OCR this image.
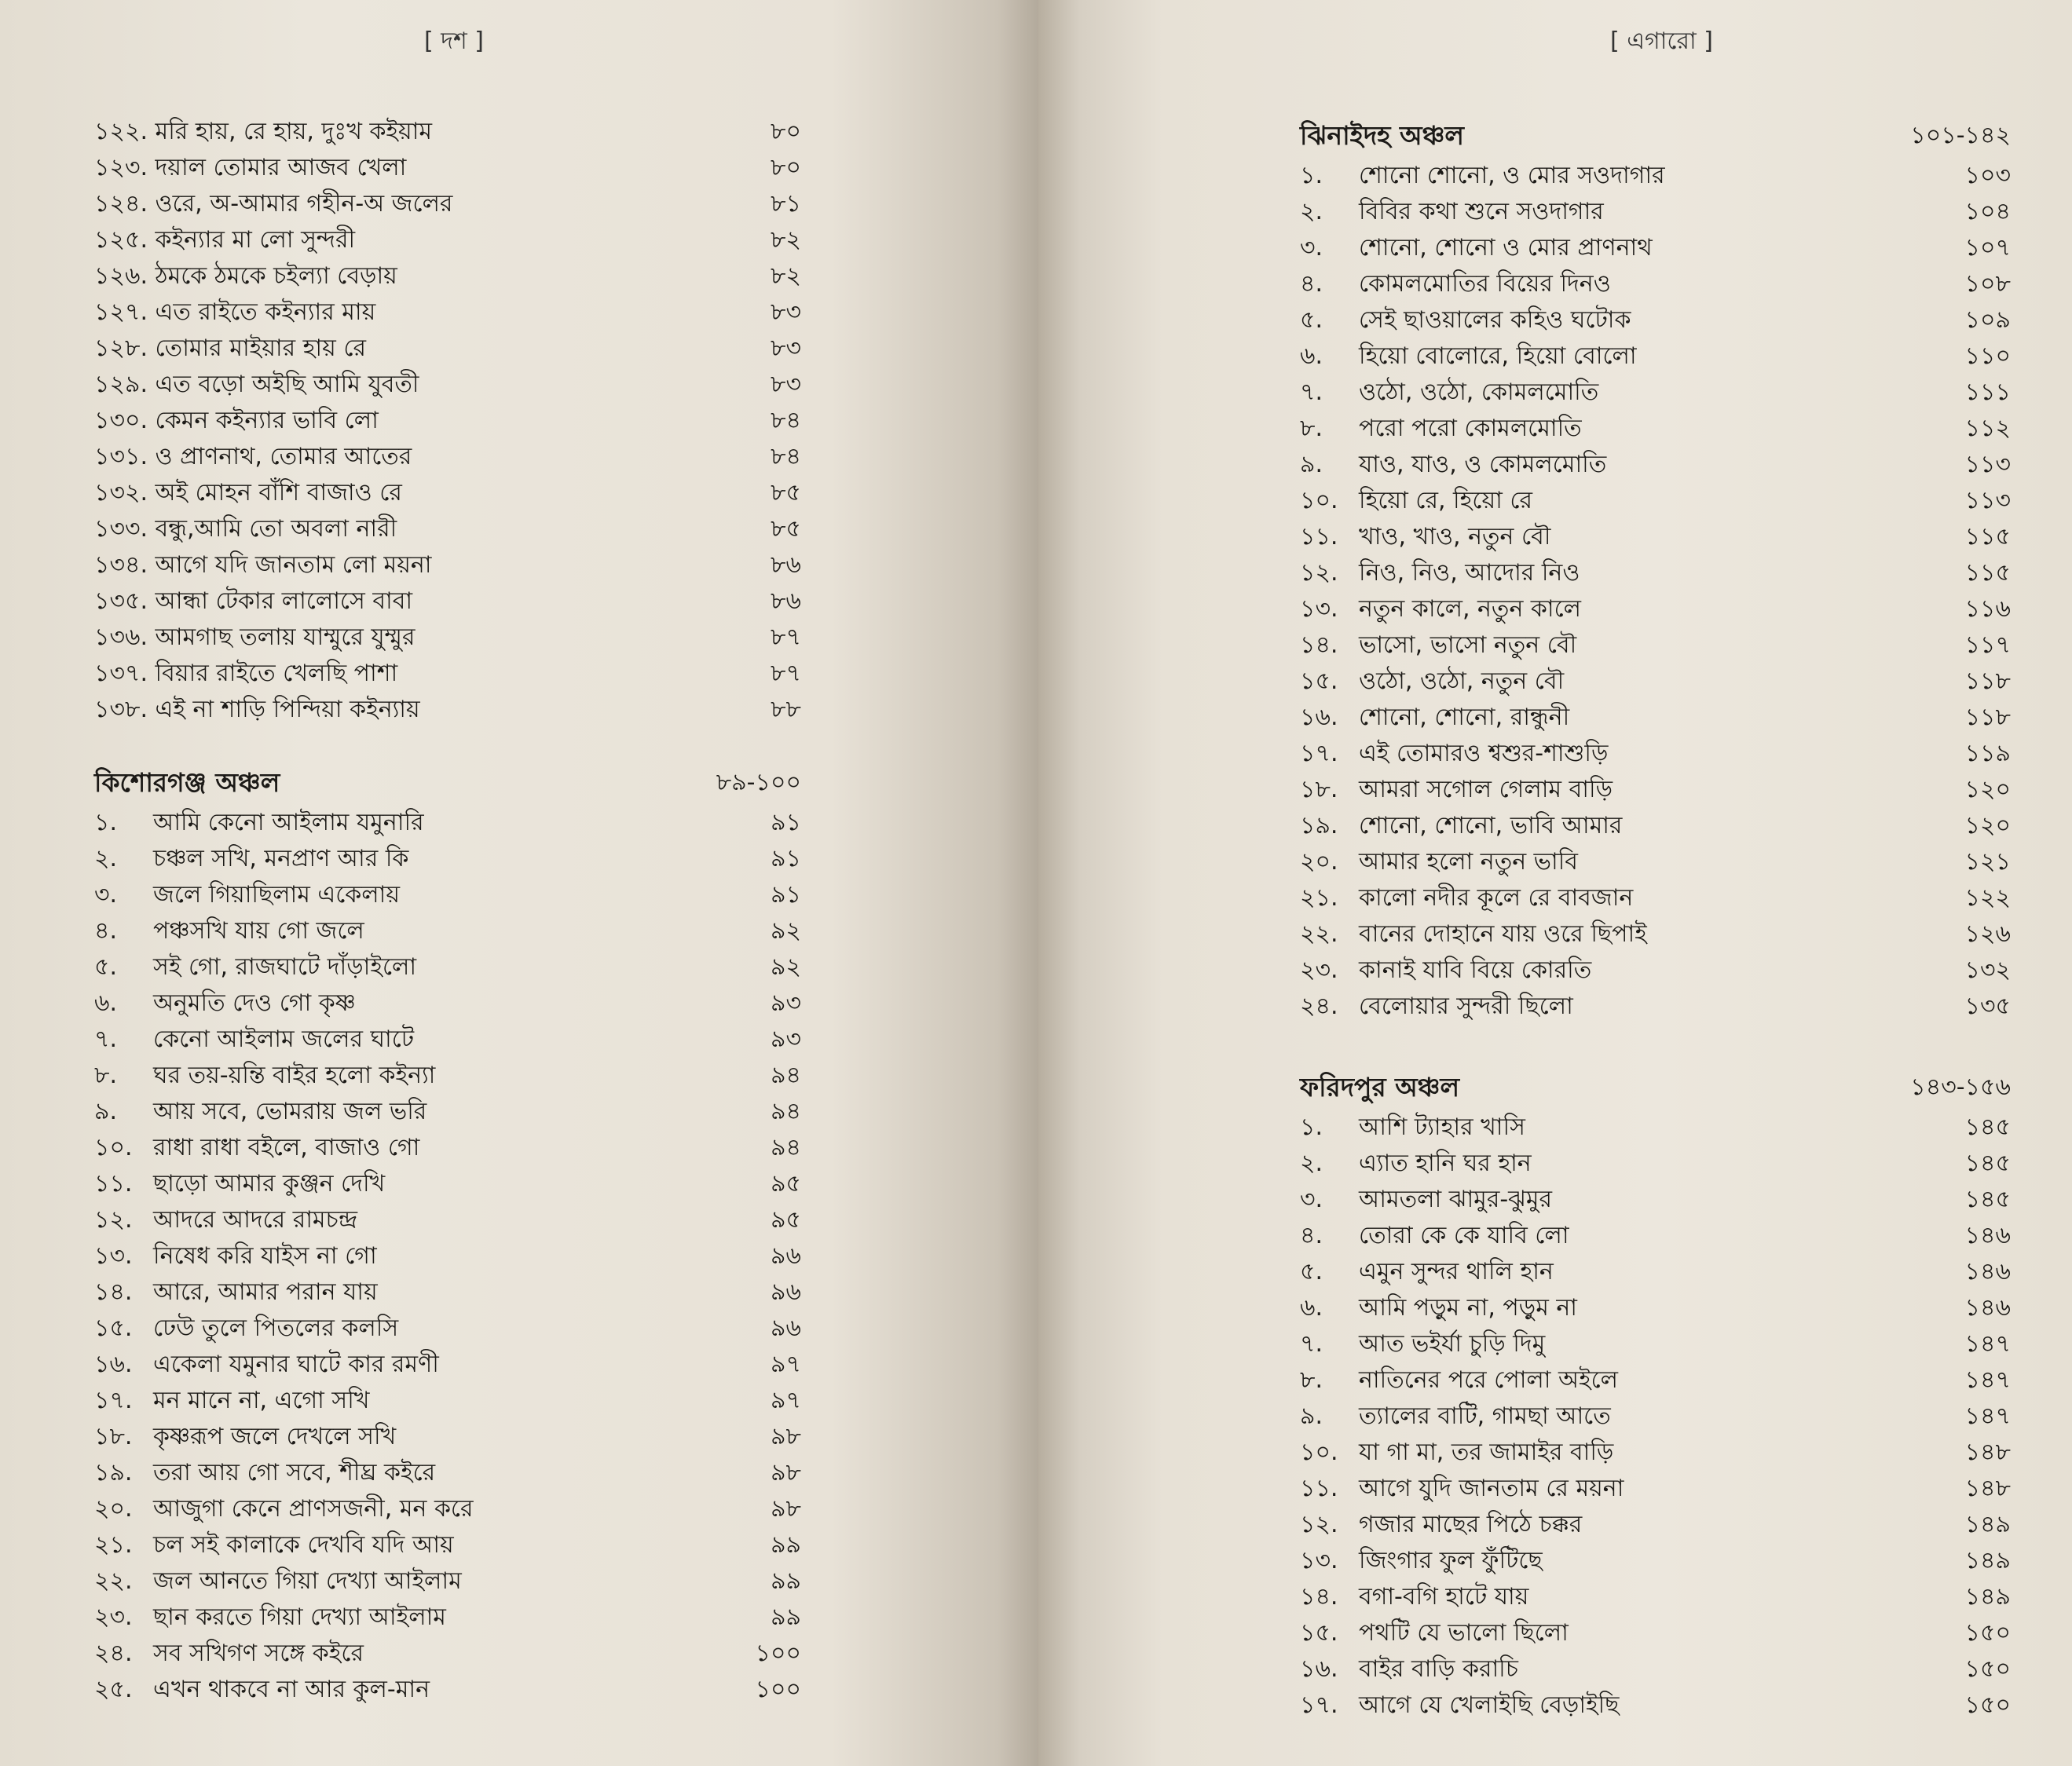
[ দশ ]
১২২. মরি হায়, রে হায়, দুঃখ কইয়াম	৮০
১২৩. দয়াল তোমার আজব খেলা	৮০
১২৪. ওরে, অ-আমার গহীন-অ জলের	৮১
১২৫. কইন্যার মা লো সুন্দরী	৮২
১২৬. ঠমকে ঠমকে চইল্যা বেড়ায়	৮২
১২৭. এত রাইতে কইন্যার মায়	৮৩
১২৮. তোমার মাইয়ার হায় রে	৮৩
১২৯. এত বড়ো অইছি আমি যুবতী	৮৩
১৩০. কেমন কইন্যার ভাবি লো	৮৪
১৩১. ও প্রাণনাথ, তোমার আতের	৮৪
১৩২. অই মোহন বাঁশি বাজাও রে	৮৫
১৩৩. বন্ধু,আমি তো অবলা নারী	৮৫
১৩৪. আগে যদি জানতাম লো ময়না	৮৬
১৩৫. আন্ধা টেকার লালোসে বাবা	৮৬
১৩৬. আমগাছ তলায় যাম্মুরে যুম্মুর	৮৭
১৩৭. বিয়ার রাইতে খেলছি পাশা	৮৭
১৩৮. এই না শাড়ি পিন্দিয়া কইন্যায়	৮৮
কিশোরগঞ্জ অঞ্চল	৮৯-১০০
১. আমি কেনো আইলাম যমুনারি	৯১
২. চঞ্চল সখি, মনপ্রাণ আর কি	৯১
৩. জলে গিয়াছিলাম একেলায়	৯১
৪. পঞ্চসখি যায় গো জলে	৯২
৫. সই গো, রাজঘাটে দাঁড়াইলো	৯২
৬. অনুমতি দেও গো কৃষ্ণ	৯৩
৭. কেনো আইলাম জলের ঘাটে	৯৩
৮. ঘর তয়-য়ন্তি বাইর হলো কইন্যা	৯৪
৯. আয় সবে, ভোমরায় জল ভরি	৯৪
১০. রাধা রাধা বইলে, বাজাও গো	৯৪
১১. ছাড়ো আমার কুঞ্জন দেখি	৯৫
১২. আদরে আদরে রামচন্দ্র	৯৫
১৩. নিষেধ করি যাইস না গো	৯৬
১৪. আরে, আমার পরান যায়	৯৬
১৫. ঢেউ তুলে পিতলের কলসি	৯৬
১৬. একেলা যমুনার ঘাটে কার রমণী	৯৭
১৭. মন মানে না, এগো সখি	৯৭
১৮. কৃষ্ণরূপ জলে দেখলে সখি	৯৮
১৯. তরা আয় গো সবে, শীঘ্র কইরে	৯৮
২০. আজুগা কেনে প্রাণসজনী, মন করে	৯৮
২১. চল সই কালাকে দেখবি যদি আয়	৯৯
২২. জল আনতে গিয়া দেখ্যা আইলাম	৯৯
২৩. ছান করতে গিয়া দেখ্যা আইলাম	৯৯
২৪. সব সখিগণ সঙ্গে কইরে	১০০
২৫. এখন থাকবে না আর কুল-মান	১০০
[ এগারো ]
ঝিনাইদহ অঞ্চল	১০১-১৪২
১. শোনো শোনো, ও মোর সওদাগার	১০৩
২. বিবির কথা শুনে সওদাগার	১০৪
৩. শোনো, শোনো ও মোর প্রাণনাথ	১০৭
৪. কোমলমোতির বিয়ের দিনও	১০৮
৫. সেই ছাওয়ালের কহিও ঘটোক	১০৯
৬. হিয়ো বোলোরে, হিয়ো বোলো	১১০
৭. ওঠো, ওঠো, কোমলমোতি	১১১
৮. পরো পরো কোমলমোতি	১১২
৯. যাও, যাও, ও কোমলমোতি	১১৩
১০. হিয়ো রে, হিয়ো রে	১১৩
১১. খাও, খাও, নতুন বৌ	১১৫
১২. নিও, নিও, আদোর নিও	১১৫
১৩. নতুন কালে, নতুন কালে	১১৬
১৪. ভাসো, ভাসো নতুন বৌ	১১৭
১৫. ওঠো, ওঠো, নতুন বৌ	১১৮
১৬. শোনো, শোনো, রান্ধুনী	১১৮
১৭. এই তোমারও শ্বশুর-শাশুড়ি	১১৯
১৮. আমরা সগোল গেলাম বাড়ি	১২০
১৯. শোনো, শোনো, ভাবি আমার	১২০
২০. আমার হলো নতুন ভাবি	১২১
২১. কালো নদীর কূলে রে বাবজান	১২২
২২. বানের দোহানে যায় ওরে ছিপাই	১২৬
২৩. কানাই যাবি বিয়ে কোরতি	১৩২
২৪. বেলোয়ার সুন্দরী ছিলো	১৩৫
ফরিদপুর অঞ্চল	১৪৩-১৫৬
১. আশি ট্যাহার খাসি	১৪৫
২. এ্যাত হানি ঘর হান	১৪৫
৩. আমতলা ঝামুর-ঝুমুর	১৪৫
৪. তোরা কে কে যাবি লো	১৪৬
৫. এমুন সুন্দর থালি হান	১৪৬
৬. আমি পড়ুম না, পড়ুম না	১৪৬
৭. আত ভইর্যা চুড়ি দিমু	১৪৭
৮. নাতিনের পরে পোলা অইলে	১৪৭
৯. ত্যালের বাটি, গামছা আতে	১৪৭
১০. যা গা মা, তর জামাইর বাড়ি	১৪৮
১১. আগে যুদি জানতাম রে ময়না	১৪৮
১২. গজার মাছের পিঠে চক্কর	১৪৯
১৩. জিংগার ফুল ফুঁটিছে	১৪৯
১৪. বগা-বগি হাটে যায়	১৪৯
১৫. পথটি যে ভালো ছিলো	১৫০
১৬. বাইর বাড়ি করাচি	১৫০
১৭. আগে যে খেলাইছি বেড়াইছি	১৫০
